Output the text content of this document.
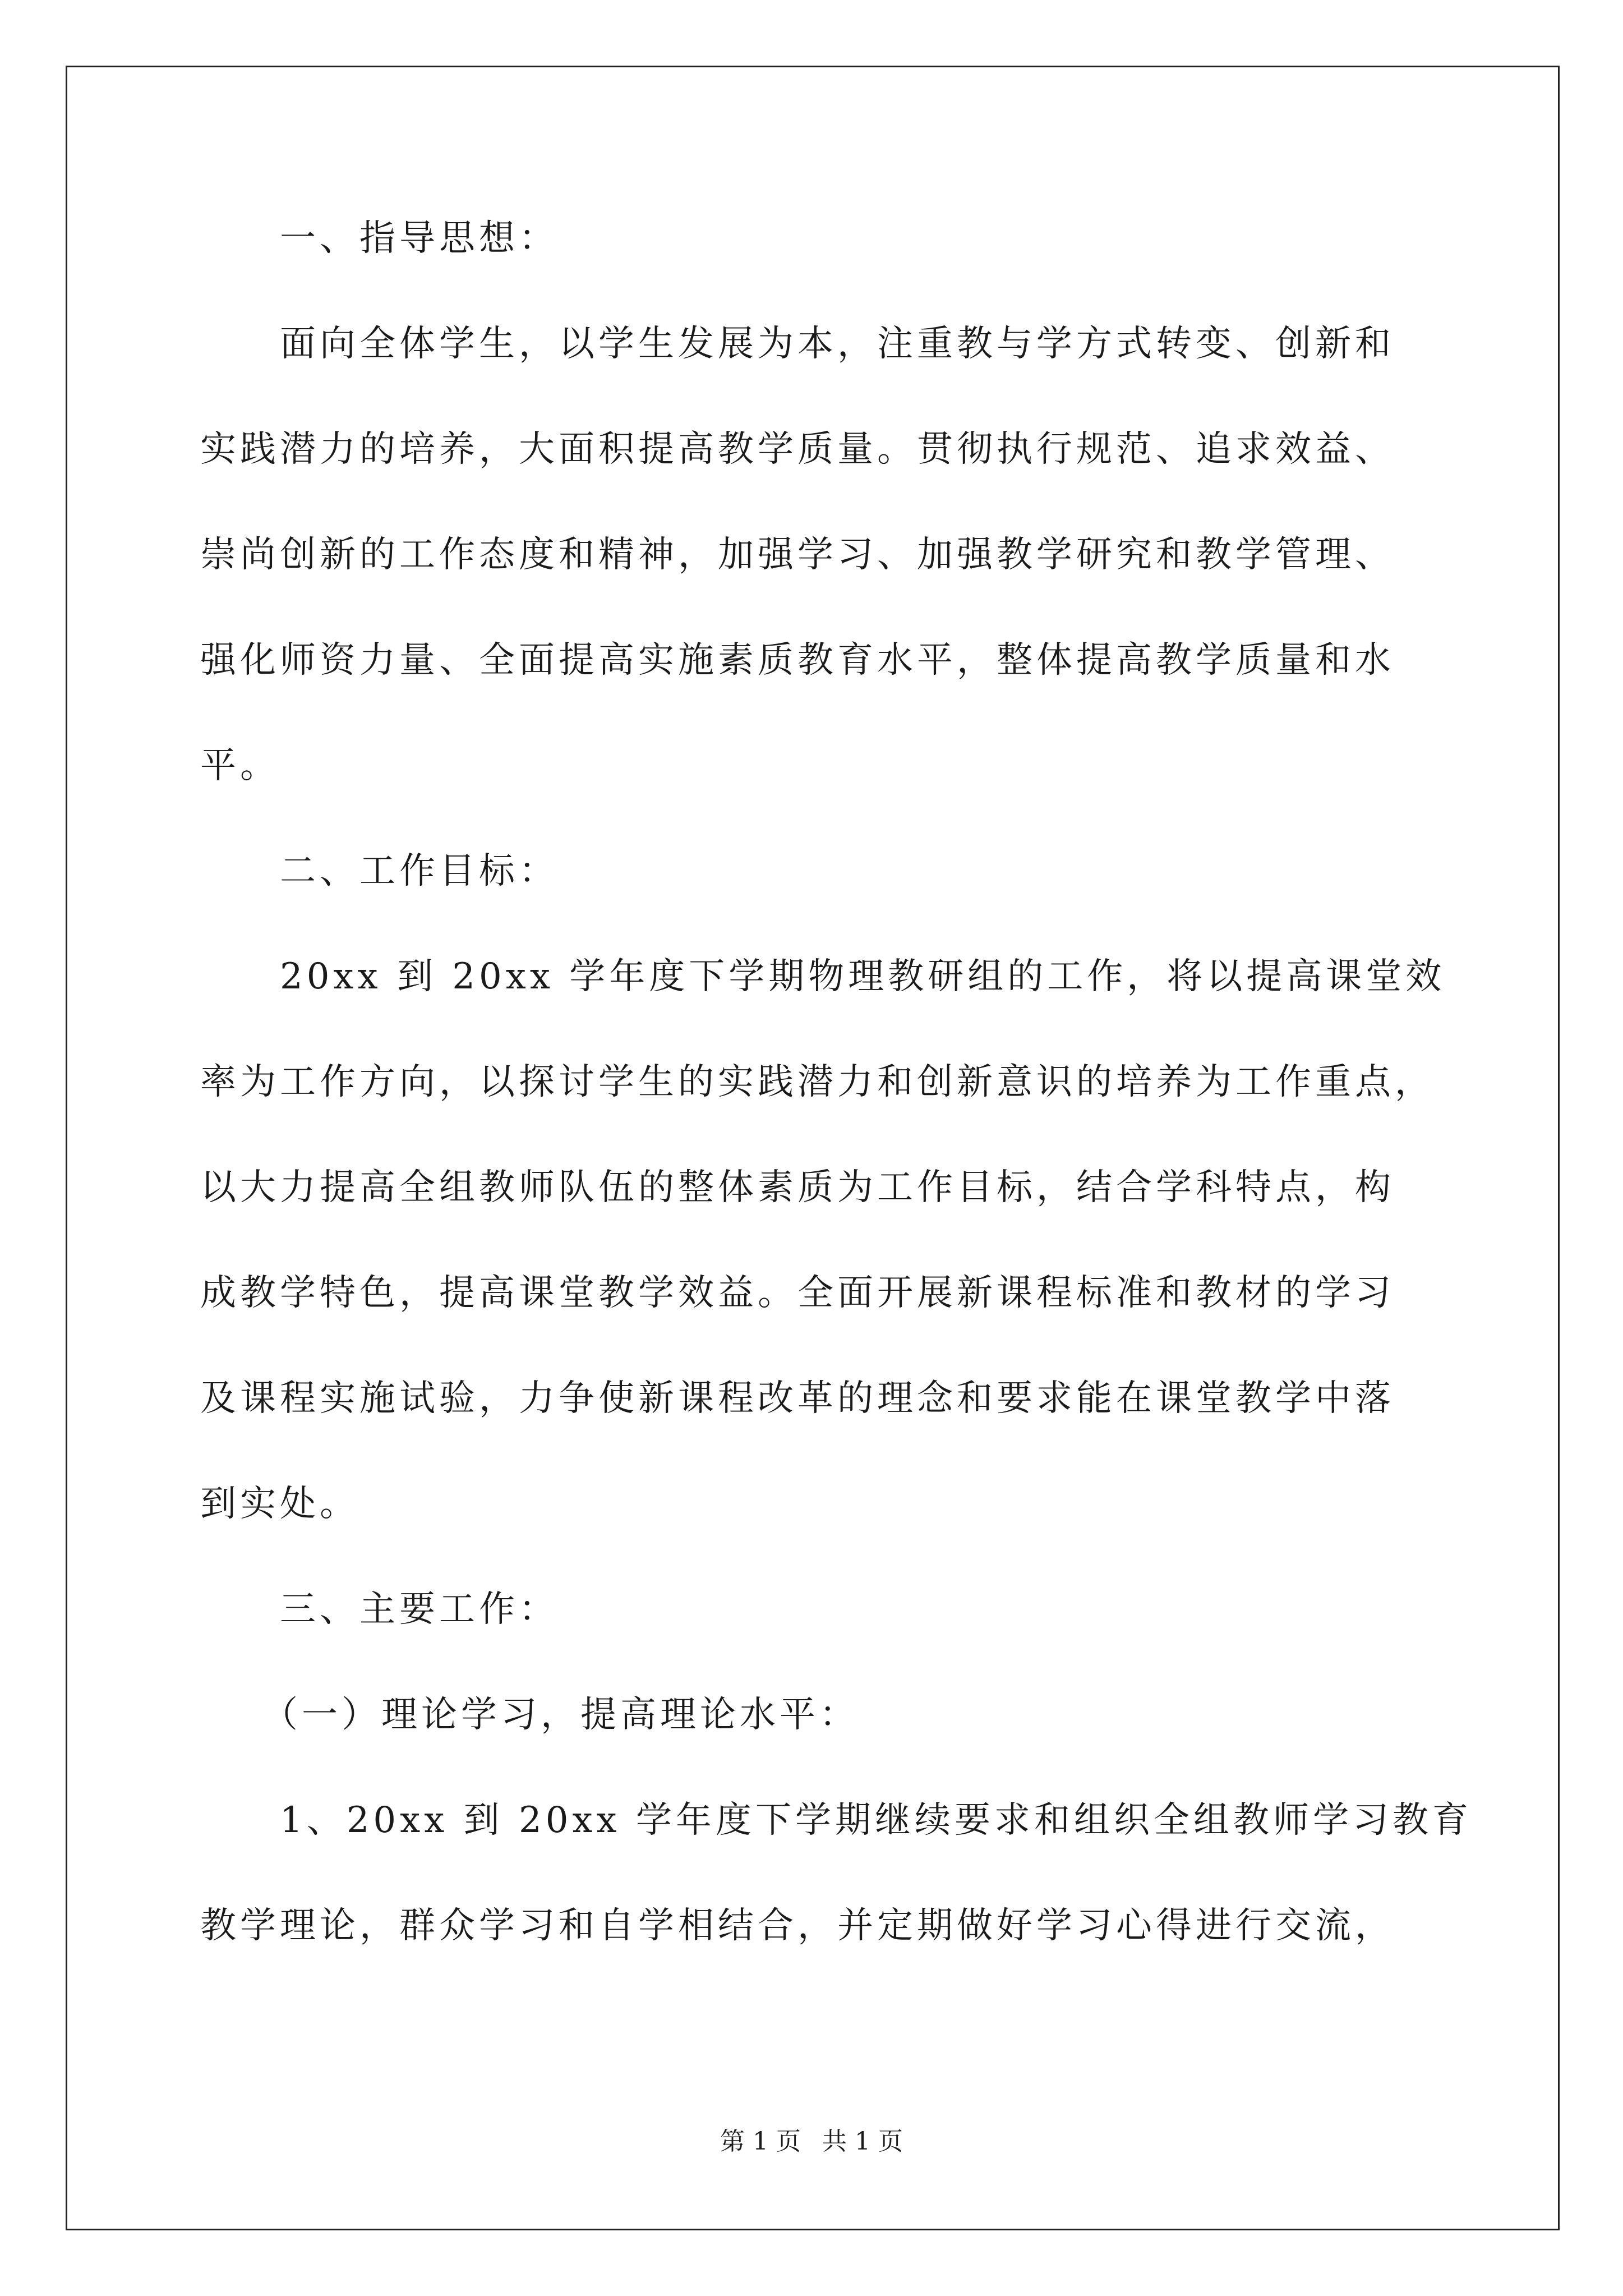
　　一、指导思想：
　　面向全体学生，以学生发展为本，注重教与学方式转变、创新和
实践潜力的培养，大面积提高教学质量。贯彻执行规范、追求效益、
崇尚创新的工作态度和精神，加强学习、加强教学研究和教学管理、
强化师资力量、全面提高实施素质教育水平，整体提高教学质量和水
平。
　　二、工作目标：
　　20xx 到 20xx 学年度下学期物理教研组的工作，将以提高课堂效
率为工作方向，以探讨学生的实践潜力和创新意识的培养为工作重点，
以大力提高全组教师队伍的整体素质为工作目标，结合学科特点，构
成教学特色，提高课堂教学效益。全面开展新课程标准和教材的学习
及课程实施试验，力争使新课程改革的理念和要求能在课堂教学中落
到实处。
　　三、主要工作：
　　（一）理论学习，提高理论水平：
　　1、20xx 到 20xx 学年度下学期继续要求和组织全组教师学习教育
教学理论，群众学习和自学相结合，并定期做好学习心得进行交流，
第 1 页 共 1 页
